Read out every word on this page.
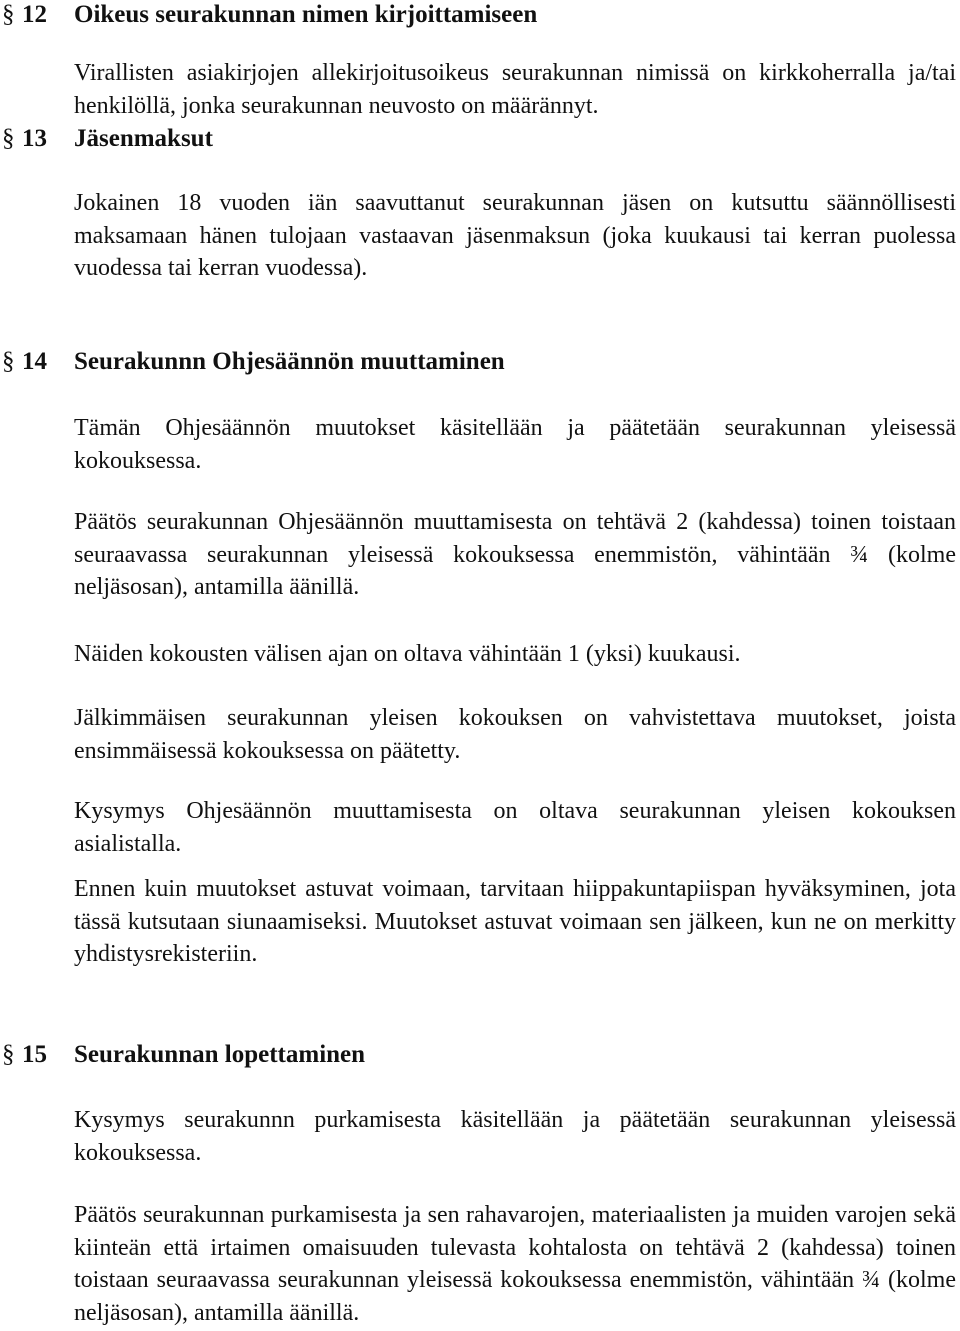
§ 12 Oikeus seurakunnan nimen kirjoittamiseen
Virallisten asiakirjojen allekirjoitusoikeus seurakunnan nimissä on kirkkoherralla ja/tai henkilöllä, jonka seurakunnan neuvosto on määrännyt.
§ 13 Jäsenmaksut
Jokainen 18 vuoden iän saavuttanut seurakunnan jäsen on kutsuttu säännöllisesti maksamaan hänen tulojaan vastaavan jäsenmaksun (joka kuukausi tai kerran puolessa vuodessa tai kerran vuodessa).
§ 14 Seurakunnn Ohjesäännön muuttaminen
Tämän Ohjesäännön muutokset käsitellään ja päätetään seurakunnan yleisessä kokouksessa.
Päätös seurakunnan Ohjesäännön muuttamisesta on tehtävä 2 (kahdessa) toinen toistaan seuraavassa seurakunnan yleisessä kokouksessa enemmistön, vähintään ¾ (kolme neljäsosan), antamilla äänillä.
Näiden kokousten välisen ajan on oltava vähintään 1 (yksi) kuukausi.
Jälkimmäisen seurakunnan yleisen kokouksen on vahvistettava muutokset, joista ensimmäisessä kokouksessa on päätetty.
Kysymys Ohjesäännön muuttamisesta on oltava seurakunnan yleisen kokouksen asialistalla.
Ennen kuin muutokset astuvat voimaan, tarvitaan hiippakuntapiispan hyväksyminen, jota tässä kutsutaan siunaamiseksi. Muutokset astuvat voimaan sen jälkeen, kun ne on merkitty yhdistysrekisteriin.
§ 15 Seurakunnan lopettaminen
Kysymys seurakunnn purkamisesta käsitellään ja päätetään seurakunnan yleisessä kokouksessa.
Päätös seurakunnan purkamisesta ja sen rahavarojen, materiaalisten ja muiden varojen sekä kiinteän että irtaimen omaisuuden tulevasta kohtalosta on tehtävä 2 (kahdessa) toinen toistaan seuraavassa seurakunnan yleisessä kokouksessa enemmistön, vähintään ¾ (kolme neljäsosan), antamilla äänillä.
